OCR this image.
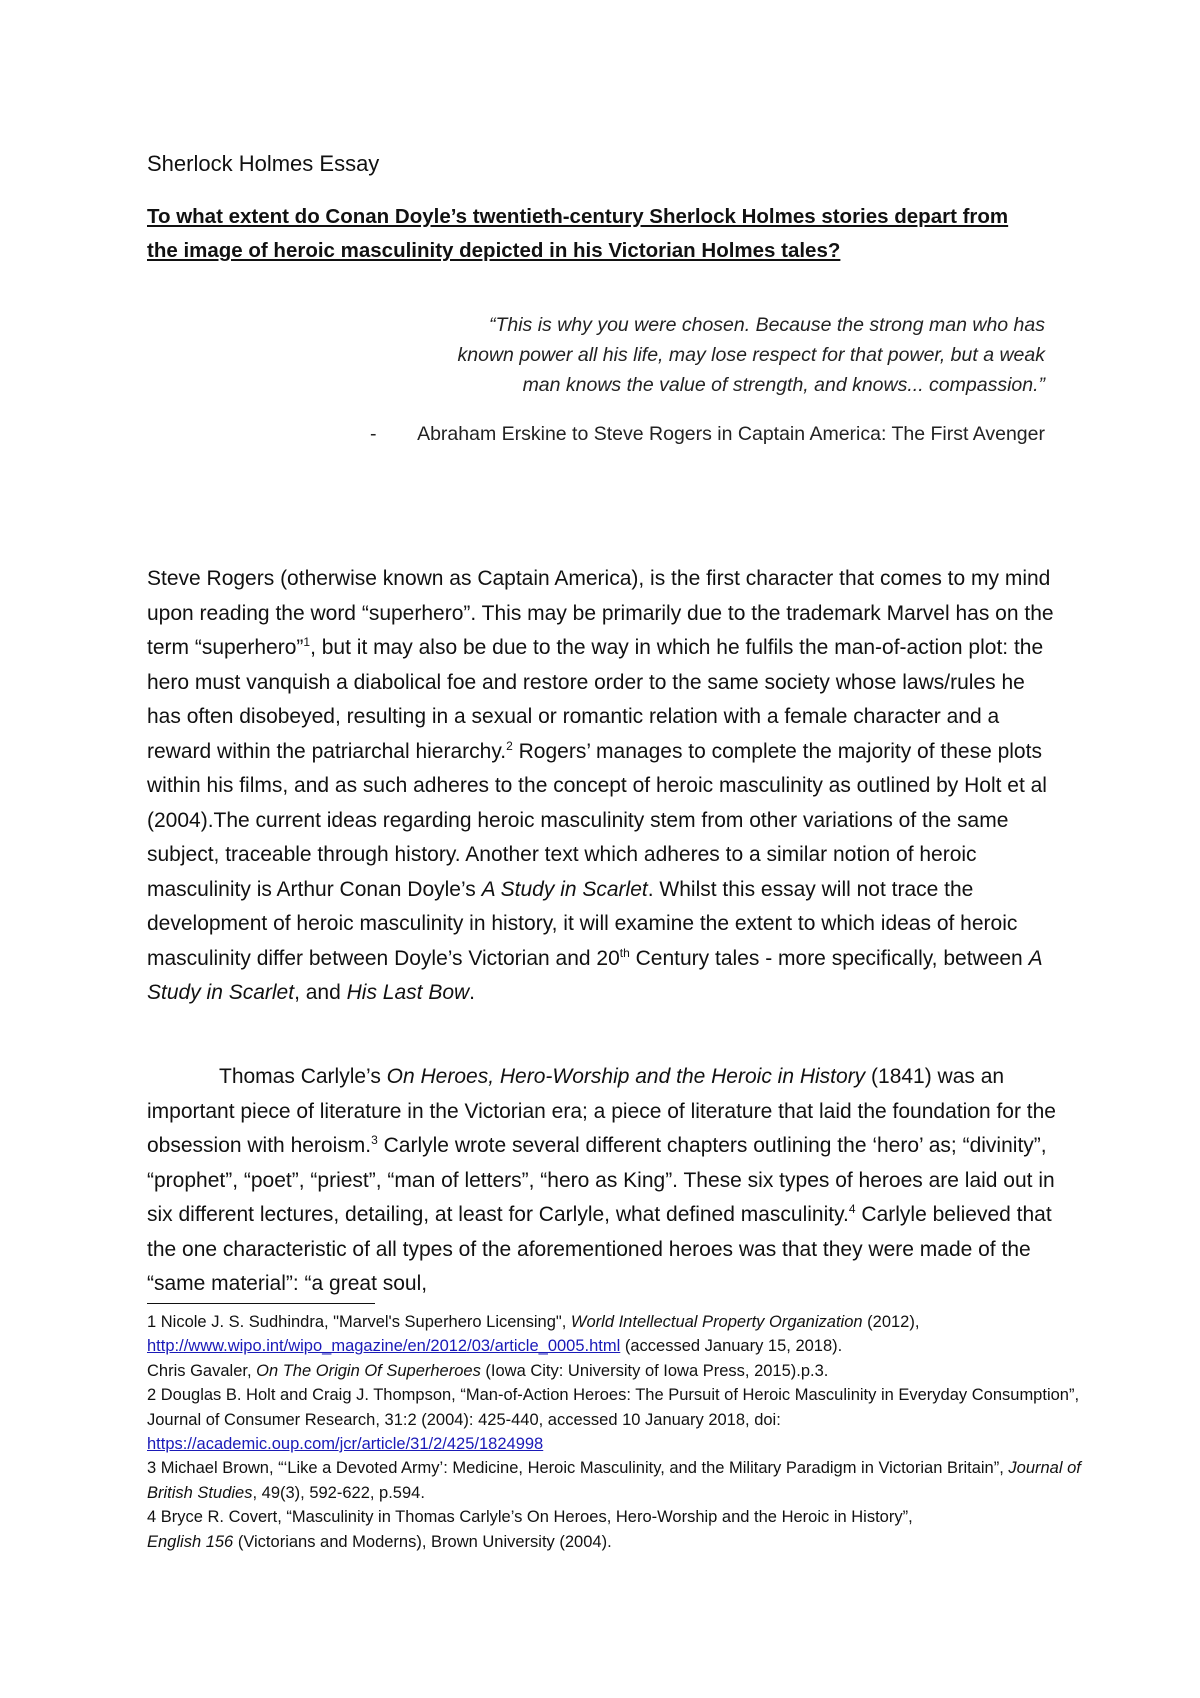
Sherlock Holmes Essay
To what extent do Conan Doyle’s twentieth-century Sherlock Holmes stories depart from
the image of heroic masculinity depicted in his Victorian Holmes tales?
“This is why you were chosen. Because the strong man who has
known power all his life, may lose respect for that power, but a weak
man knows the value of strength, and knows... compassion.”
- Abraham Erskine to Steve Rogers in Captain America: The First Avenger

Steve Rogers (otherwise known as Captain America), is the first character that comes to my mind upon reading the word “superhero”. This may be primarily due to the trademark Marvel has on the term “superhero”$^1$, but it may also be due to the way in which he fulfils the man-of-action plot: the hero must vanquish a diabolical foe and restore order to the same society whose laws/rules he has often disobeyed, resulting in a sexual or romantic relation with a female character and a reward within the patriarchal hierarchy.$^2$ Rogers’ manages to complete the majority of these plots within his films, and as such adheres to the concept of heroic masculinity as outlined by Holt et al (2004).The current ideas regarding heroic masculinity stem from other variations of the same subject, traceable through history. Another text which adheres to a similar notion of heroic masculinity is Arthur Conan Doyle’s A Study in Scarlet. Whilst this essay will not trace the development of heroic masculinity in history, it will examine the extent to which ideas of heroic masculinity differ between Doyle’s Victorian and 20th Century tales - more specifically, between A Study in Scarlet, and His Last Bow.

Thomas Carlyle’s On Heroes, Hero-Worship and the Heroic in History (1841) was an important piece of literature in the Victorian era; a piece of literature that laid the foundation for the obsession with heroism.$^3$ Carlyle wrote several different chapters outlining the ‘hero’ as; “divinity”, “prophet”, “poet”, “priest”, “man of letters”, “hero as King”. These six types of heroes are laid out in six different lectures, detailing, at least for Carlyle, what defined masculinity.$^4$ Carlyle believed that the one characteristic of all types of the aforementioned heroes was that they were made of the “same material”: “a great soul,

1 Nicole J. S. Sudhindra, "Marvel's Superhero Licensing", World Intellectual Property Organization (2012),
http://www.wipo.int/wipo_magazine/en/2012/03/article_0005.html (accessed January 15, 2018).
Chris Gavaler, On The Origin Of Superheroes (Iowa City: University of Iowa Press, 2015).p.3.
2 Douglas B. Holt and Craig J. Thompson, “Man-of-Action Heroes: The Pursuit of Heroic Masculinity in Everyday Consumption”, Journal of Consumer Research, 31:2 (2004): 425-440, accessed 10 January 2018, doi:
https://academic.oup.com/jcr/article/31/2/425/1824998
3 Michael Brown, “‘Like a Devoted Army’: Medicine, Heroic Masculinity, and the Military Paradigm in Victorian Britain”, Journal of British Studies, 49(3), 592-622, p.594.
4 Bryce R. Covert, “Masculinity in Thomas Carlyle’s On Heroes, Hero-Worship and the Heroic in History”,
English 156 (Victorians and Moderns), Brown University (2004).
